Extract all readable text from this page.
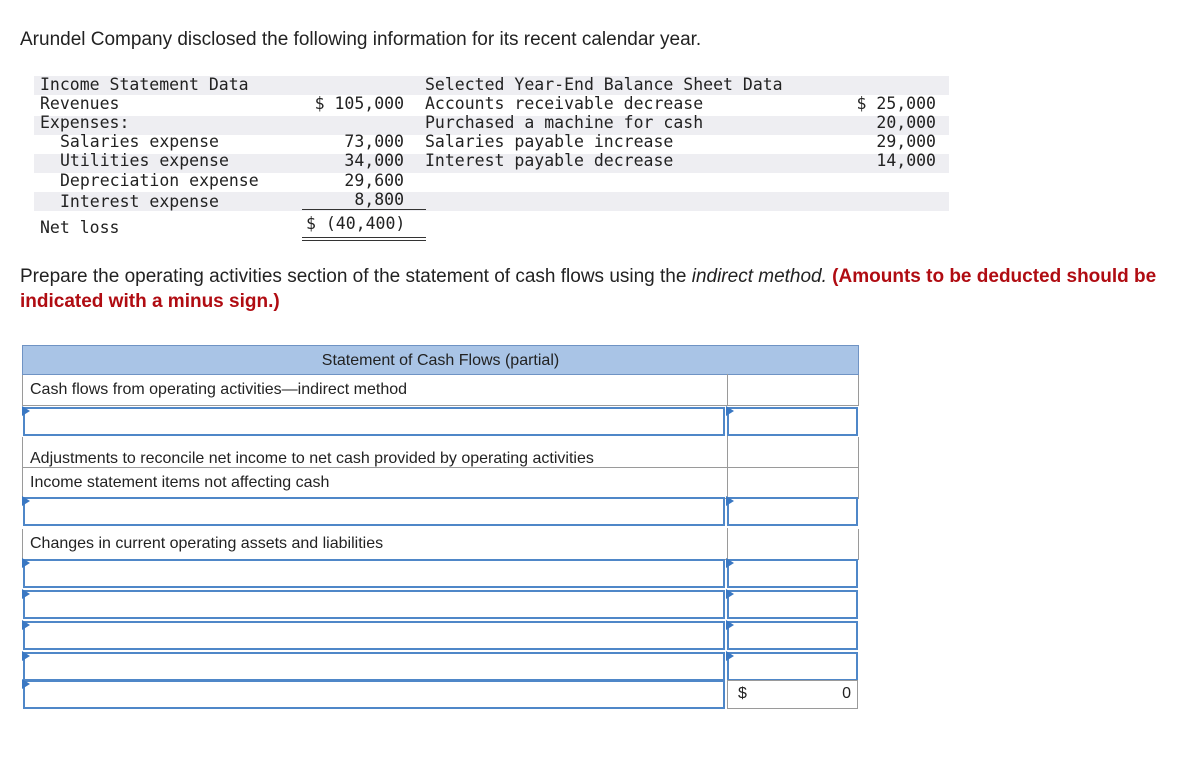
Arundel Company disclosed the following information for its recent calendar year.
Income Statement Data
Revenues	$ 105,000
Expenses:
Salaries expense	73,000
Utilities expense	34,000
Depreciation expense	29,600
Interest expense	8,800
Net loss	$ (40,400)
Selected Year-End Balance Sheet Data
Accounts receivable decrease	$ 25,000
Purchased a machine for cash	20,000
Salaries payable increase	29,000
Interest payable decrease	14,000
Prepare the operating activities section of the statement of cash flows using the indirect method. (Amounts to be deducted should be indicated with a minus sign.)
Statement of Cash Flows (partial)
Cash flows from operating activities—indirect method
Adjustments to reconcile net income to net cash provided by operating activities
Income statement items not affecting cash
Changes in current operating assets and liabilities
$	0
